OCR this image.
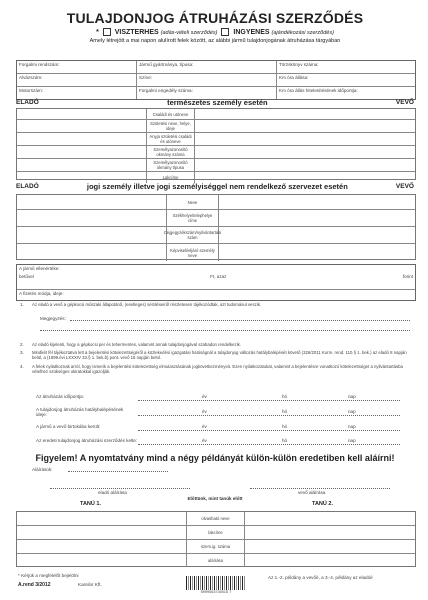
TULAJDONJOG ÁTRUHÁZÁSI SZERZŐDÉS
* VISZTERHES (adás-vételi szerződés) INGYENES (ajándékozási szerződés)
Amely létrejött a mai napon alulírott felek között, az alábbi jármű tulajdonjogának átruházása tárgyában
Forgalmi rendszám:	Jármű gyártmánya, típusa:	Törzskönyv száma:
Alvázszám:	Színe:	Km óra állása:
Motorszám:	Forgalmi engedély száma:	Km óra állás hitelesítésének időpontja:
ELADÓ	természetes személy esetén	VEVŐ
Családi és utóneve
Születési neve, helye, ideje
Anyja születési családi és utóneve
Személyazonosító okmány száma
Személyazonosító okmány típusa
Lakcíme
ELADÓ	jogi személy illetve jogi személyiséggel nem rendelkező szervezet esetén	VEVŐ
Neve
Székhelye/telephelye címe
Cégjegyzékszám/nyilvántartási szám
Képviseli/eljáró személy neve
A jármű ellenértéke:
betűvel	Ft, azaz	forint
A fizetés módja, ideje:
1. Az eladó a vevő a gépkocsi műszaki állapotáról, (esetleges) sérüléseiről részletesen tájékozódtak, azt tudomásul veszik.
Megjegyzés:
2. Az eladó kijelenti, hogy a gépkocsi per és tehermentes, valamint annak tulajdonjogával szabadon rendelkezik.
3. Mindkét fél tájékoztatva lett a bejelentési kötelezettségéről a közlekedési igazgatási hatóságnál a tulajdonjog változás hatálybalépését követő (326/2011 Korm. rend. 110.§ 1. bek.) az eladó 8 napján belül, a (1999.évi LXXXIV 33.§ 1. bek.b) pont. vevő 15 napján belül.
4. A felek nyilatkoznak arról, hogy ismerik a bejelentési kötelezettség elmulasztásának jogkövetkezményeit. Ezen nyilatkozatukat, valamint a bejelentésre vonatkozó kötelezettséget a nyilvántartásba vételhez szükséges okiratokkal igazolják.
Az átruházás időpontja:
A tulajdonjog átruházás hatálybalépésének ideje:
A jármű a vevő birtokába került:
Az eredeti tulajdonjog átruházási szerződés kelte:
év	hó	nap
év	hó	nap
év	hó	nap
év	hó	nap
Figyelem! A nyomtatvány mind a négy példányát külön-külön eredetiben kell aláírni!
Aláírások:
eladó aláírása	vevő aláírása
Előttünk, mint tanúk előtt
TANÚ 1.	TANÚ 2.
olvasható neve
lakcíme
szem.ig. száma
aláírása
* Kérjük a megfelelőt bejelölni
A.rend 3/2012	Kamilor Kft.
5999063740015 7
Az 1.-2. példány a vevőé, a 3.-4. példány az eladóé
